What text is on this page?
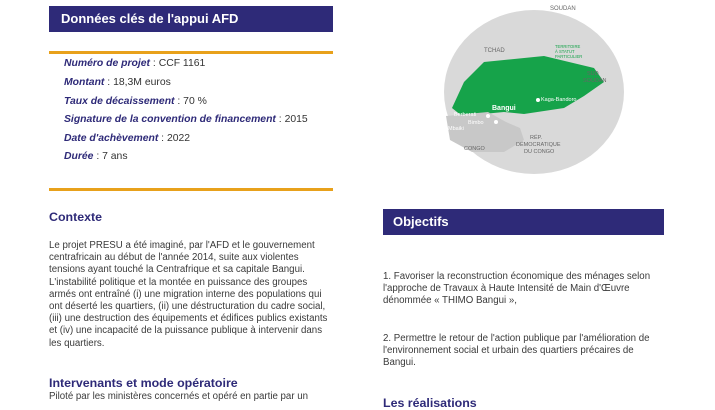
Données clés de l'appui AFD
Numéro de projet : CCF 1161
Montant : 18,3M euros
Taux de décaissement : 70 %
Signature de la convention de financement : 2015
Date d'achèvement : 2022
Durée : 7 ans
TCHAD
SOUDAN
TERRITOIRE À STATUT PARTICULIER
SUD SOUDAN
Kaga-Bandoro
Bangui
Berberati
Bimbo
Mbaiki
CONGO
RÉP. DÉMOCRATIQUE DU CONGO
Contexte
Le projet PRESU a été imaginé, par l'AFD et le gouvernement
centrafricain au début de l'année 2014, suite aux violentes
tensions ayant touché la Centrafrique et sa capitale Bangui.
L'instabilité politique et la montée en puissance des groupes
armés ont entraîné (i) une migration interne des populations qui
ont déserté les quartiers, (ii) une déstructuration du cadre social,
(iii) une destruction des équipements et édifices publics existants
et (iv) une incapacité de la puissance publique à intervenir dans
les quartiers.
Intervenants et mode opératoire
Piloté par les ministères concernés et opéré en partie par un
Objectifs
1. Favoriser la reconstruction économique des ménages selon
l'approche de Travaux à Haute Intensité de Main d'Œuvre
dénommée « THIMO Bangui »,
2. Permettre le retour de l'action publique par l'amélioration de
l'environnement social et urbain des quartiers précaires de
Bangui.
Les réalisations
